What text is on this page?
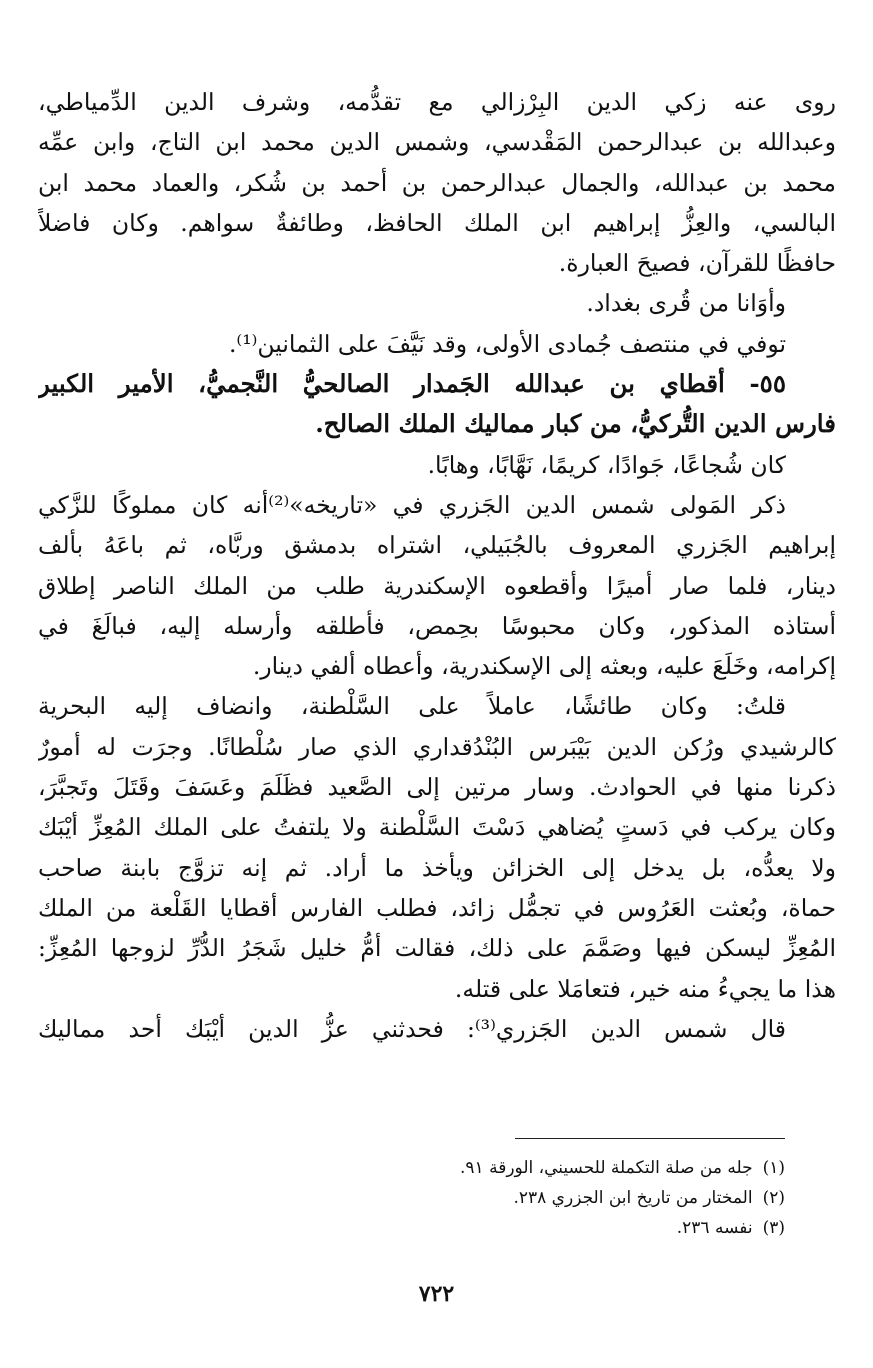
روى عنه زكي الدين البِرْزالي مع تقدُّمه، وشرف الدين الدِّمياطي،
وعبدالله بن عبدالرحمن المَقْدسي، وشمس الدين محمد ابن التاج، وابن عمِّه
محمد بن عبدالله، والجمال عبدالرحمن بن أحمد بن شُكر، والعماد محمد ابن
البالسي، والعِزُّ إبراهيم ابن الملك الحافظ، وطائفةٌ سواهم. وكان فاضلاً
حافظًا للقرآن، فصيحَ العبارة.
وأوَانا من قُرى بغداد.
توفي في منتصف جُمادى الأولى، وقد نَيَّفَ على الثمانين⁽¹⁾.
٥٥- أقطاي بن عبدالله الجَمدار الصالحيُّ النَّجميُّ، الأمير الكبير
فارس الدين التُّركيُّ، من كبار مماليك الملك الصالح.
كان شُجاعًا، جَوادًا، كريمًا، نَهَّابًا، وهابًا.
ذكر المَولى شمس الدين الجَزري في «تاريخه»⁽²⁾أنه كان مملوكًا للزَّكي
إبراهيم الجَزري المعروف بالجُبَيلي، اشتراه بدمشق وربَّاه، ثم باعَهُ بألف
دينار، فلما صار أميرًا وأقطعوه الإسكندرية طلب من الملك الناصر إطلاق
أستاذه المذكور، وكان محبوسًا بحِمص، فأطلقه وأرسله إليه، فبالَغَ في
إكرامه، وخَلَعَ عليه، وبعثه إلى الإسكندرية، وأعطاه ألفي دينار.
قلتُ: وكان طائشًا، عاملاً على السَّلْطنة، وانضاف إليه البحرية
كالرشيدي ورُكن الدين بَيْبَرس البُنْدُقداري الذي صار سُلْطانًا. وجرَت له أمورٌ
ذكرنا منها في الحوادث. وسار مرتين إلى الصَّعيد فظَلَمَ وعَسَفَ وقَتَلَ وتَجبَّرَ،
وكان يركب في دَستٍ يُضاهي دَسْتَ السَّلْطنة ولا يلتفتُ على الملك المُعِزِّ أيْبَك
ولا يعدُّه، بل يدخل إلى الخزائن ويأخذ ما أراد. ثم إنه تزوَّج بابنة صاحب
حماة، وبُعثت العَرُوس في تجمُّل زائد، فطلب الفارس أقطايا القَلْعة من الملك
المُعِزِّ ليسكن فيها وصَمَّمَ على ذلك، فقالت أمُّ خليل شَجَرُ الدُّرِّ لزوجها المُعِزِّ:
هذا ما يجيءُ منه خير، فتعامَلا على قتله.
قال شمس الدين الجَزري⁽³⁾: فحدثني عزُّ الدين أيْبَك أحد مماليك
(١)جله من صلة التكملة للحسيني، الورقة ٩١.
(٢)المختار من تاريخ ابن الجزري ٢٣٨.
(٣)نفسه ٢٣٦.
٧٢٢
